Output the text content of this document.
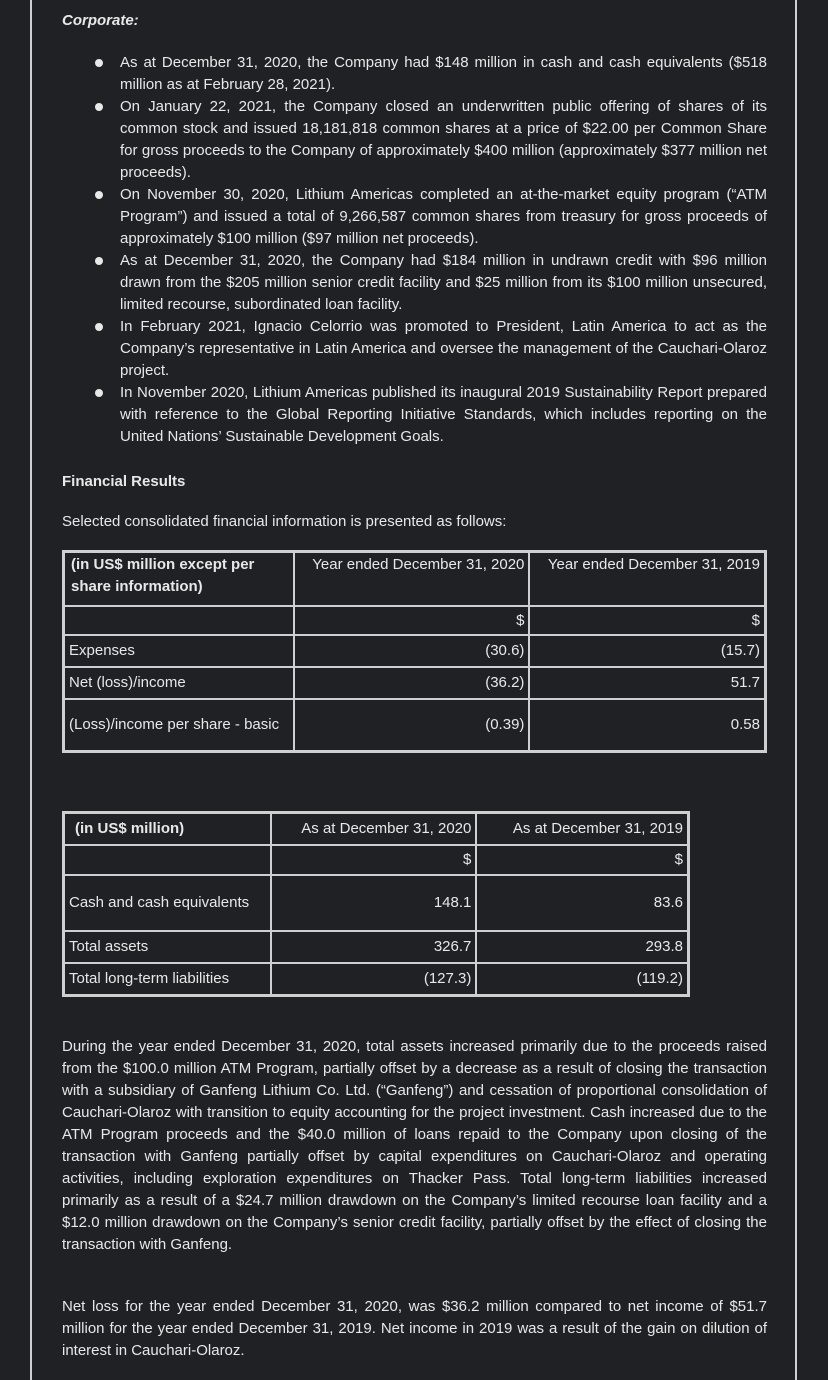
Corporate:
As at December 31, 2020, the Company had $148 million in cash and cash equivalents ($518 million as at February 28, 2021).
On January 22, 2021, the Company closed an underwritten public offering of shares of its common stock and issued 18,181,818 common shares at a price of $22.00 per Common Share for gross proceeds to the Company of approximately $400 million (approximately $377 million net proceeds).
On November 30, 2020, Lithium Americas completed an at-the-market equity program (“ATM Program”) and issued a total of 9,266,587 common shares from treasury for gross proceeds of approximately $100 million ($97 million net proceeds).
As at December 31, 2020, the Company had $184 million in undrawn credit with $96 million drawn from the $205 million senior credit facility and $25 million from its $100 million unsecured, limited recourse, subordinated loan facility.
In February 2021, Ignacio Celorrio was promoted to President, Latin America to act as the Company’s representative in Latin America and oversee the management of the Cauchari-Olaroz project.
In November 2020, Lithium Americas published its inaugural 2019 Sustainability Report prepared with reference to the Global Reporting Initiative Standards, which includes reporting on the United Nations’ Sustainable Development Goals.
Financial Results
Selected consolidated financial information is presented as follows:
(in US$ million except per share information)	Year ended December 31, 2020	Year ended December 31, 2019
	$	$
Expenses	(30.6)	(15.7)
Net (loss)/income	(36.2)	51.7
(Loss)/income per share - basic	(0.39)	0.58
(in US$ million)	As at December 31, 2020	As at December 31, 2019
	$	$
Cash and cash equivalents	148.1	83.6
Total assets	326.7	293.8
Total long-term liabilities	(127.3)	(119.2)
During the year ended December 31, 2020, total assets increased primarily due to the proceeds raised from the $100.0 million ATM Program, partially offset by a decrease as a result of closing the transaction with a subsidiary of Ganfeng Lithium Co. Ltd. (“Ganfeng”) and cessation of proportional consolidation of Cauchari-Olaroz with transition to equity accounting for the project investment. Cash increased due to the ATM Program proceeds and the $40.0 million of loans repaid to the Company upon closing of the transaction with Ganfeng partially offset by capital expenditures on Cauchari-Olaroz and operating activities, including exploration expenditures on Thacker Pass. Total long-term liabilities increased primarily as a result of a $24.7 million drawdown on the Company’s limited recourse loan facility and a $12.0 million drawdown on the Company’s senior credit facility, partially offset by the effect of closing the transaction with Ganfeng.
Net loss for the year ended December 31, 2020, was $36.2 million compared to net income of $51.7 million for the year ended December 31, 2019. Net income in 2019 was a result of the gain on dilution of interest in Cauchari-Olaroz.
